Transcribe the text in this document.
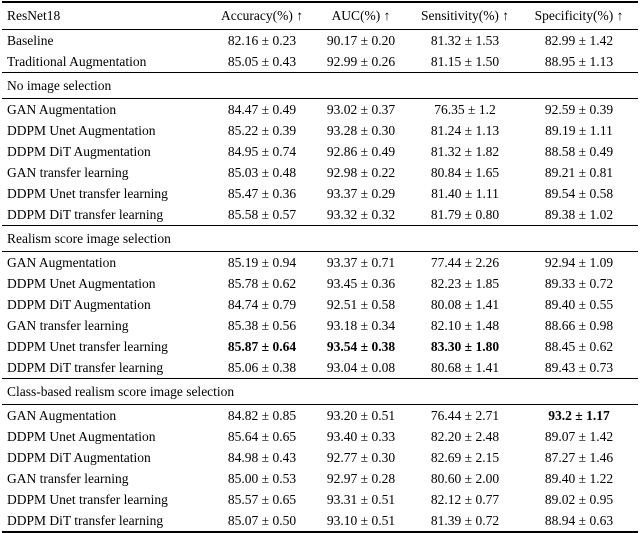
ResNet18	Accuracy(%) ↑	AUC(%) ↑	Sensitivity(%) ↑	Specificity(%) ↑
Baseline	82.16 ± 0.23	90.17 ± 0.20	81.32 ± 1.53	82.99 ± 1.42
Traditional Augmentation	85.05 ± 0.43	92.99 ± 0.26	81.15 ± 1.50	88.95 ± 1.13
No image selection				
GAN Augmentation	84.47 ± 0.49	93.02 ± 0.37	76.35 ± 1.2	92.59 ± 0.39
DDPM Unet Augmentation	85.22 ± 0.39	93.28 ± 0.30	81.24 ± 1.13	89.19 ± 1.11
DDPM DiT Augmentation	84.95 ± 0.74	92.86 ± 0.49	81.32 ± 1.82	88.58 ± 0.49
GAN transfer learning	85.03 ± 0.48	92.98 ± 0.22	80.84 ± 1.65	89.21 ± 0.81
DDPM Unet transfer learning	85.47 ± 0.36	93.37 ± 0.29	81.40 ± 1.11	89.54 ± 0.58
DDPM DiT transfer learning	85.58 ± 0.57	93.32 ± 0.32	81.79 ± 0.80	89.38 ± 1.02
Realism score image selection				
GAN Augmentation	85.19 ± 0.94	93.37 ± 0.71	77.44 ± 2.26	92.94 ± 1.09
DDPM Unet Augmentation	85.78 ± 0.62	93.45 ± 0.36	82.23 ± 1.85	89.33 ± 0.72
DDPM DiT Augmentation	84.74 ± 0.79	92.51 ± 0.58	80.08 ± 1.41	89.40 ± 0.55
GAN transfer learning	85.38 ± 0.56	93.18 ± 0.34	82.10 ± 1.48	88.66 ± 0.98
DDPM Unet transfer learning	85.87 ± 0.64	93.54 ± 0.38	83.30 ± 1.80	88.45 ± 0.62
DDPM DiT transfer learning	85.06 ± 0.38	93.04 ± 0.08	80.68 ± 1.41	89.43 ± 0.73
Class-based realism score image selection				
GAN Augmentation	84.82 ± 0.85	93.20 ± 0.51	76.44 ± 2.71	93.2 ± 1.17
DDPM Unet Augmentation	85.64 ± 0.65	93.40 ± 0.33	82.20 ± 2.48	89.07 ± 1.42
DDPM DiT Augmentation	84.98 ± 0.43	92.77 ± 0.30	82.69 ± 2.15	87.27 ± 1.46
GAN transfer learning	85.00 ± 0.53	92.97 ± 0.28	80.60 ± 2.00	89.40 ± 1.22
DDPM Unet transfer learning	85.57 ± 0.65	93.31 ± 0.51	82.12 ± 0.77	89.02 ± 0.95
DDPM DiT transfer learning	85.07 ± 0.50	93.10 ± 0.51	81.39 ± 0.72	88.94 ± 0.63
